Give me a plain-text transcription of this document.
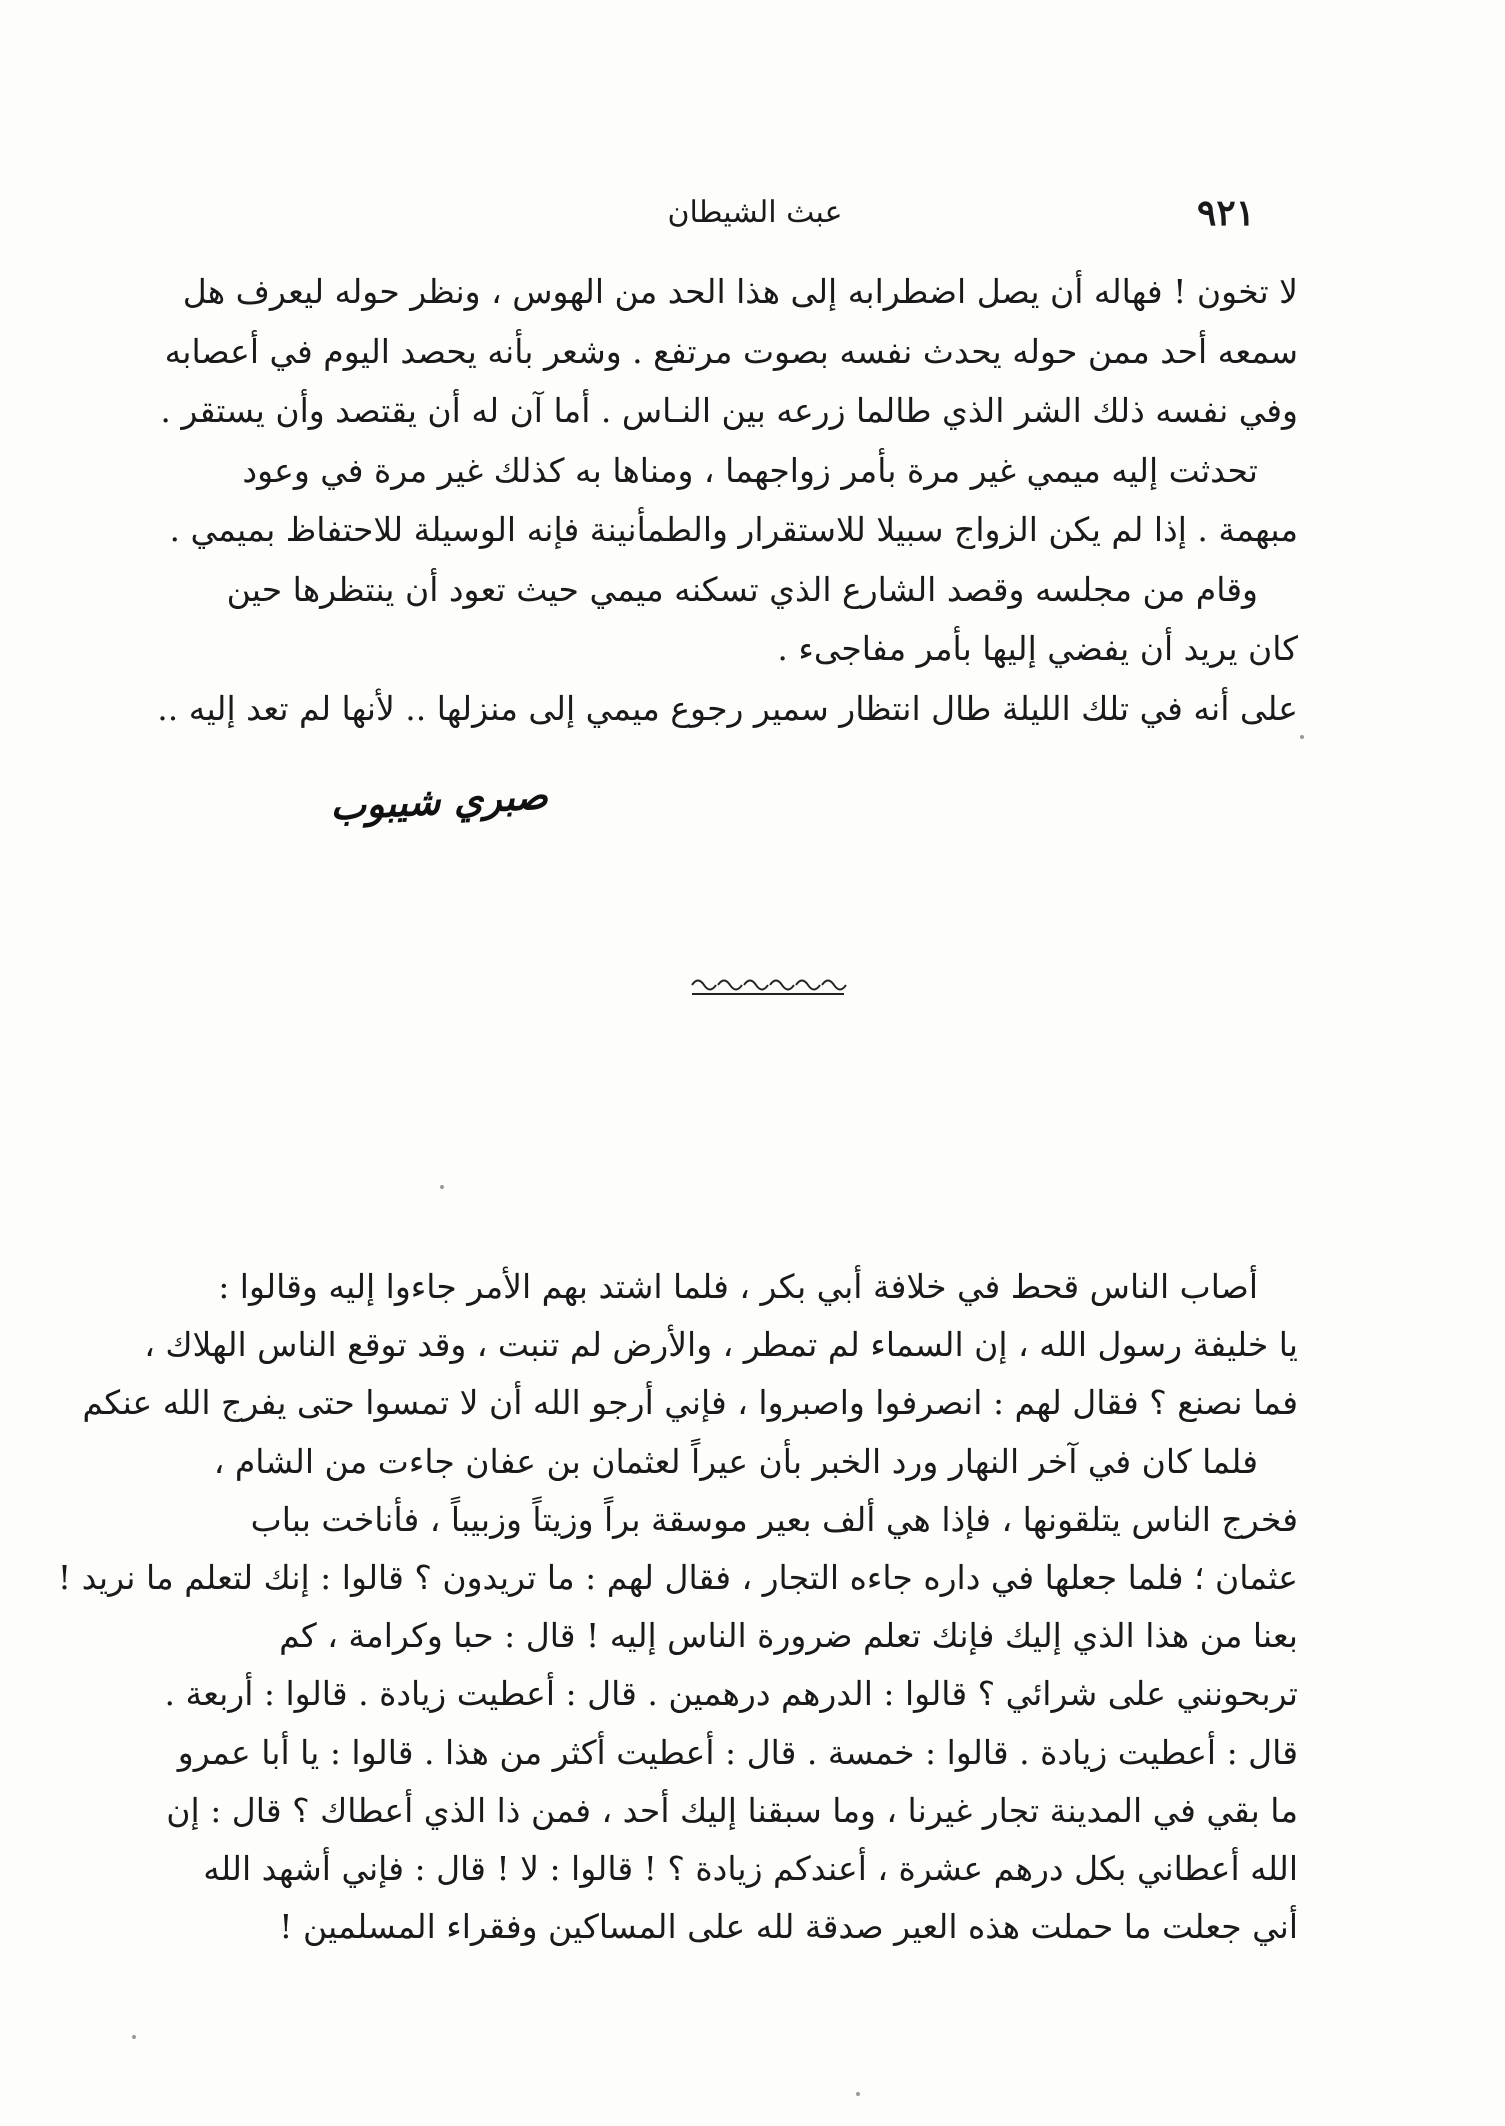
عبث الشيطان	٩٢١
لا تخون ! فهاله أن يصل اضطرابه إلى هذا الحد من الهوس ، ونظر حوله ليعرف هل
سمعه أحد ممن حوله يحدث نفسه بصوت مرتفع . وشعر بأنه يحصد اليوم في أعصابه
وفي نفسه ذلك الشر الذي طالما زرعه بين النـاس . أما آن له أن يقتصد وأن يستقر .
تحدثت إليه ميمي غير مرة بأمر زواجهما ، ومناها به كذلك غير مرة في وعود
مبهمة . إذا لم يكن الزواج سبيلا للاستقرار والطمأنينة فإنه الوسيلة للاحتفاظ بميمي .
وقام من مجلسه وقصد الشارع الذي تسكنه ميمي حيث تعود أن ينتظرها حين
كان يريد أن يفضي إليها بأمر مفاجىء .
على أنه في تلك الليلة طال انتظار سمير رجوع ميمي إلى منزلها .. لأنها لم تعد إليه ..
صبري شيبوب
أصاب الناس قحط في خلافة أبي بكر ، فلما اشتد بهم الأمر جاءوا إليه وقالوا :
يا خليفة رسول الله ، إن السماء لم تمطر ، والأرض لم تنبت ، وقد توقع الناس الهلاك ،
فما نصنع ؟ فقال لهم : انصرفوا واصبروا ، فإني أرجو الله أن لا تمسوا حتى يفرج الله عنكم
فلما كان في آخر النهار ورد الخبر بأن عيراً لعثمان بن عفان جاءت من الشام ،
فخرج الناس يتلقونها ، فإذا هي ألف بعير موسقة براً وزيتاً وزبيباً ، فأناخت بباب
عثمان ؛ فلما جعلها في داره جاءه التجار ، فقال لهم : ما تريدون ؟ قالوا : إنك لتعلم ما نريد !
بعنا من هذا الذي إليك فإنك تعلم ضرورة الناس إليه ! قال : حبا وكرامة ، كم
تربحونني على شرائي ؟ قالوا : الدرهم درهمين . قال : أعطيت زيادة . قالوا : أربعة .
قال : أعطيت زيادة . قالوا : خمسة . قال : أعطيت أكثر من هذا . قالوا : يا أبا عمرو
ما بقي في المدينة تجار غيرنا ، وما سبقنا إليك أحد ، فمن ذا الذي أعطاك ؟ قال : إن
الله أعطاني بكل درهم عشرة ، أعندكم زيادة ؟ ! قالوا : لا ! قال : فإني أشهد الله
أني جعلت ما حملت هذه العير صدقة لله على المساكين وفقراء المسلمين !
